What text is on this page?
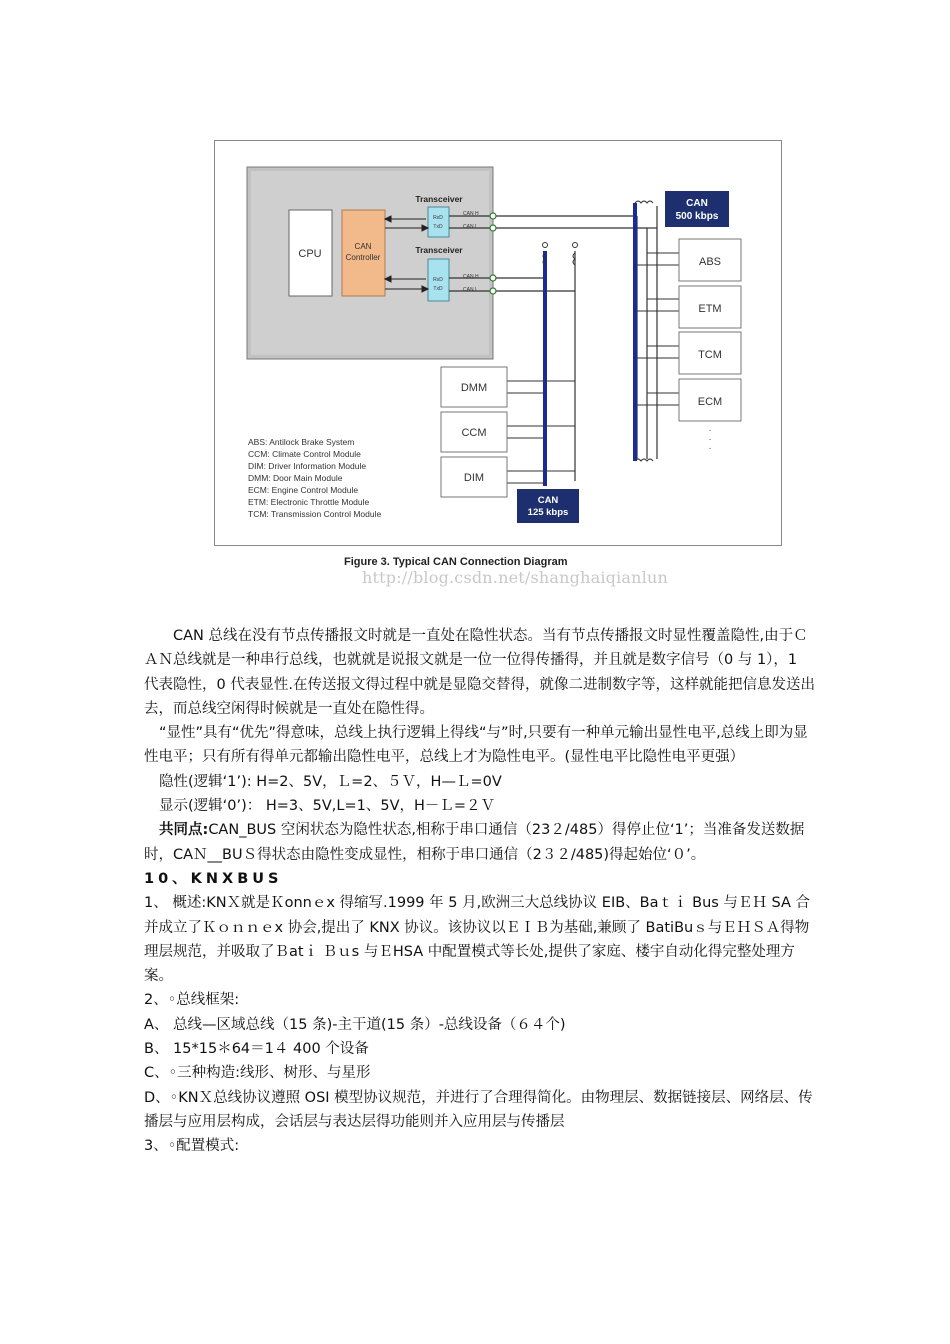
CPU
CAN
Controller
Transceiver
Transceiver
RxD
TxD
RxD
TxD
CAN H
CAN L
CAN H
CAN L
CAN
500 kbps
CAN
125 kbps
ABS
ETM
TCM
ECM
·
·
·
DMM
CCM
DIM
ABS: Antilock Brake System
CCM: Climate Control Module
DIM: Driver Information Module
DMM: Door Main Module
ECM: Engine Control Module
ETM: Electronic Throttle Module
TCM: Transmission Control Module
Figure 3. Typical CAN Connection Diagram
http://blog.csdn.net/shanghaiqianlun

CAN 总线在没有节点传播报文时就是一直处在隐性状态。当有节点传播报文时显性覆盖隐性,由于ＣＡＮ总线就是一种串行总线，也就就是说报文就是一位一位得传播得，并且就是数字信号（0 与 1），1 代表隐性，0 代表显性.在传送报文得过程中就是显隐交替得，就像二进制数字等，这样就能把信息发送出去，而总线空闲得时候就是一直处在隐性得。

“显性”具有“优先”得意味，总线上执行逻辑上得线“与”时,只要有一种单元输出显性电平,总线上即为显性电平；只有所有得单元都输出隐性电平，总线上才为隐性电平。(显性电平比隐性电平更强）

隐性(逻辑‘1’): H=2、5V，Ｌ=2、５Ｖ，H—Ｌ=0V

显示(逻辑‘0’)： H=3、5V,L=1、5V，H－Ｌ=２Ｖ

共同点:CAN_BUS 空闲状态为隐性状态,相称于串口通信（23２/485）得停止位‘1’；当准备发送数据时，CAＮ__BUＳ得状态由隐性变成显性，相称于串口通信（2３２/485)得起始位‘０’。

10、KNXBUS

1、 概述:KNＸ就是Ｋonnｅx 得缩写.1999 年 5 月,欧洲三大总线协议 EIB、Baｔｉ Bus 与ＥＨ SA 合并成立了Ｋｏｎｎｅx 协会,提出了 KNX 协议。该协议以ＥＩＢ为基础,兼顾了 BatiBuｓ与ＥＨＳＡ得物理层规范，并吸取了Ｂatｉ Ｂｕs 与ＥHSA 中配置模式等长处,提供了家庭、楼宇自动化得完整处理方案。

2、◦总线框架:

A、 总线—区域总线（15 条)-主干道(15 条）-总线设备（６４个)

B、 15*15＊64＝1４ 400 个设备

C、◦三种构造:线形、树形、与星形

D、◦KNＸ总线协议遵照 OSI 模型协议规范，并进行了合理得简化。由物理层、数据链接层、网络层、传播层与应用层构成，会话层与表达层得功能则并入应用层与传播层

3、◦配置模式:
